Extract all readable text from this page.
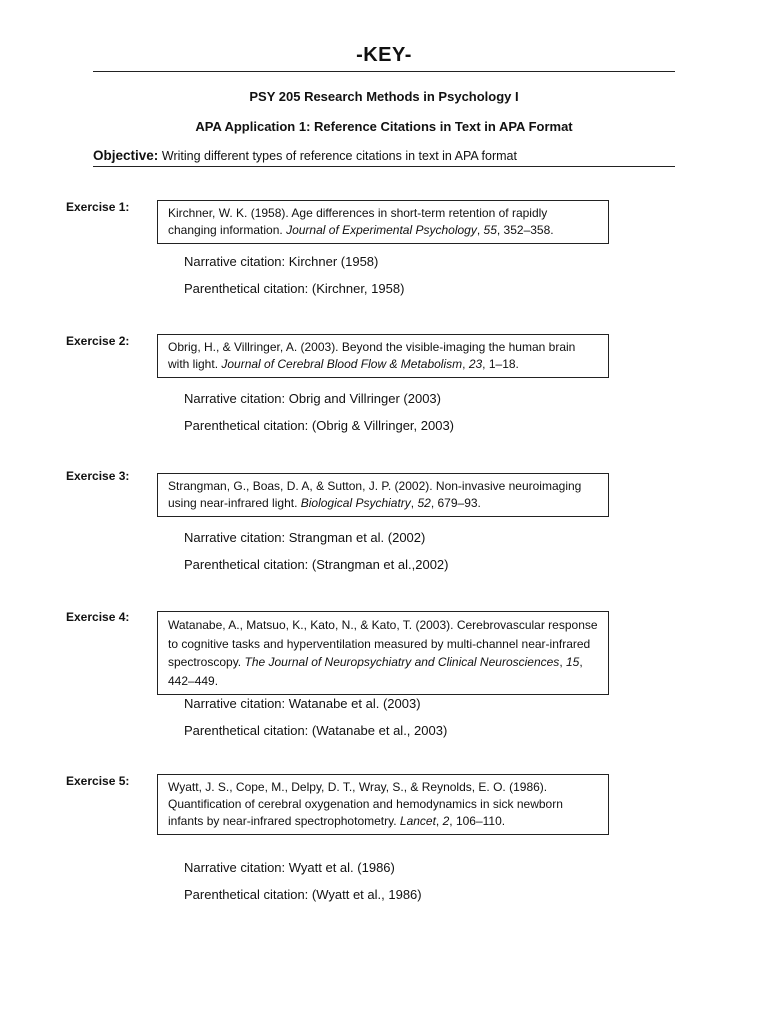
-KEY-
PSY 205 Research Methods in Psychology I
APA Application 1: Reference Citations in Text in APA Format
Objective: Writing different types of reference citations in text in APA format
Exercise 1:	Kirchner, W. K. (1958). Age differences in short-term retention of rapidly changing information. Journal of Experimental Psychology, 55, 352–358.
Narrative citation: Kirchner (1958)
Parenthetical citation: (Kirchner, 1958)
Exercise 2:	Obrig, H., & Villringer, A. (2003). Beyond the visible-imaging the human brain with light. Journal of Cerebral Blood Flow & Metabolism, 23, 1–18.
Narrative citation: Obrig and Villringer (2003)
Parenthetical citation: (Obrig & Villringer, 2003)
Exercise 3:
Strangman, G., Boas, D. A, & Sutton, J. P. (2002). Non-invasive neuroimaging using near-infrared light. Biological Psychiatry, 52, 679–93.
Narrative citation: Strangman et al. (2002)
Parenthetical citation: (Strangman et al.,2002)
Exercise 4:
Watanabe, A., Matsuo, K., Kato, N., & Kato, T. (2003). Cerebrovascular response to cognitive tasks and hyperventilation measured by multi-channel near-infrared spectroscopy. The Journal of Neuropsychiatry and Clinical Neurosciences, 15, 442–449.
Narrative citation: Watanabe et al. (2003)
Parenthetical citation: (Watanabe et al., 2003)
Exercise 5:	Wyatt, J. S., Cope, M., Delpy, D. T., Wray, S., & Reynolds, E. O. (1986). Quantification of cerebral oxygenation and hemodynamics in sick newborn infants by near-infrared spectrophotometry. Lancet, 2, 106–110.
Narrative citation: Wyatt et al. (1986)
Parenthetical citation: (Wyatt et al., 1986)
